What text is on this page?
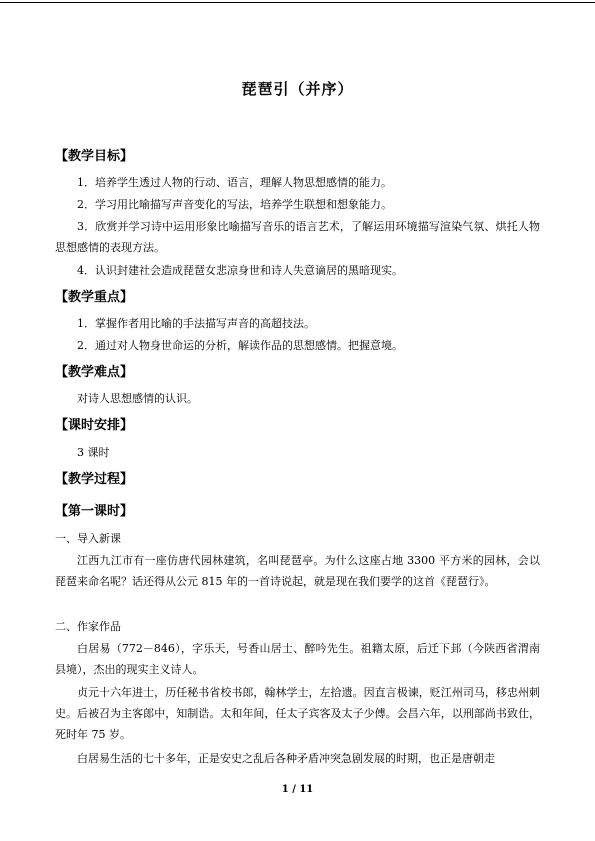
琵琶引（并序）
【教学目标】
1．培养学生透过人物的行动、语言，理解人物思想感情的能力。
2．学习用比喻描写声音变化的写法，培养学生联想和想象能力。
3．欣赏并学习诗中运用形象比喻描写音乐的语言艺术，了解运用环境描写渲染气氛、烘托人物思想感情的表现方法。
4．认识封建社会造成琵琶女悲凉身世和诗人失意谪居的黑暗现实。
【教学重点】
1．掌握作者用比喻的手法描写声音的高超技法。
2．通过对人物身世命运的分析，解读作品的思想感情。把握意境。
【教学难点】
对诗人思想感情的认识。
【课时安排】
3 课时
【教学过程】
【第一课时】
一、导入新课
江西九江市有一座仿唐代园林建筑，名叫琵琶亭。为什么这座占地 3300 平方米的园林，会以琵琶来命名呢？话还得从公元 815 年的一首诗说起，就是现在我们要学的这首《琵琶行》。
二、作家作品
白居易（772－846），字乐天，号香山居士、醉吟先生。祖籍太原，后迁下邽（今陕西省渭南县境），杰出的现实主义诗人。
贞元十六年进士，历任秘书省校书郎，翰林学士，左拾遗。因直言极谏，贬江州司马，移忠州刺史。后被召为主客郎中，知制诰。太和年间，任太子宾客及太子少傅。会昌六年，以刑部尚书致仕，死时年 75 岁。
白居易生活的七十多年，正是安史之乱后各种矛盾冲突急剧发展的时期，也正是唐朝走
1 / 11
